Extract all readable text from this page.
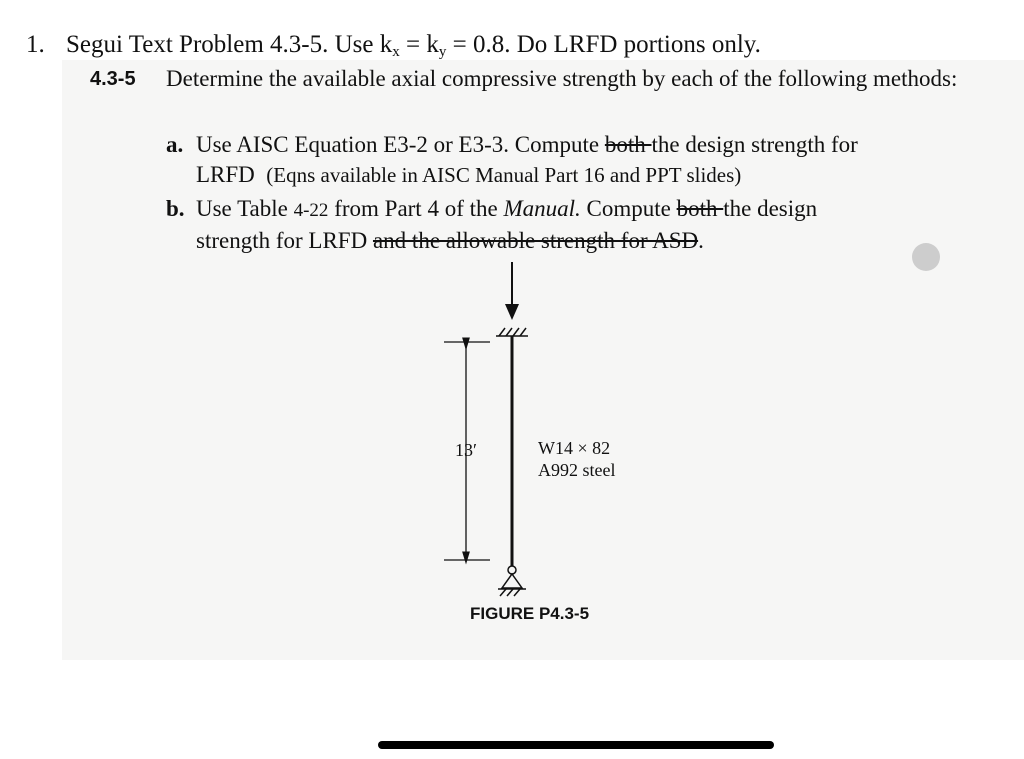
1. Segui Text Problem 4.3-5. Use $k_x = k_y = 0.8$. Do LRFD portions only.
4.3-5 Determine the available axial compressive strength by each of the following methods:
a. Use AISC Equation E3-2 or E3-3. Compute both the design strength for
LRFD (Eqns available in AISC Manual Part 16 and PPT slides)
b. Use Table 4-22 from Part 4 of the Manual. Compute both the design
strength for LRFD and the allowable strength for ASD.
13′	W14 × 82
A992 steel
FIGURE P4.3-5
